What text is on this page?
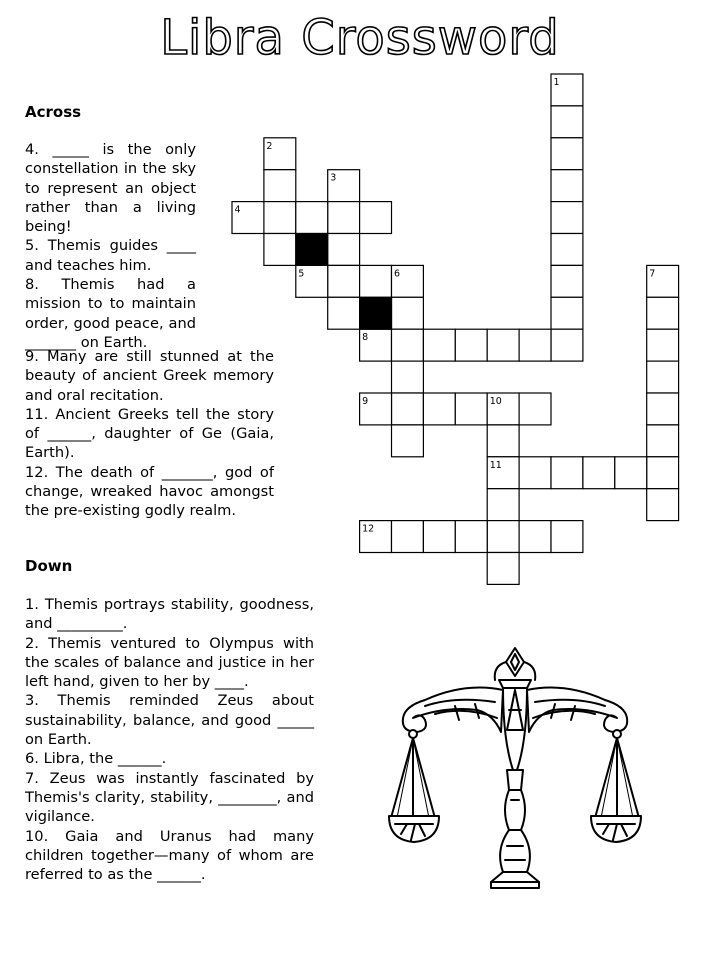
Libra Crossword
Across

4. _____ is the only constellation in the sky to represent an object rather than a living being!

5. Themis guides ____ and teaches him.

8. Themis had a mission to to maintain order, good peace, and _______ on Earth.

9. Many are still stunned at the beauty of ancient Greek memory and oral recitation.

11. Ancient Greeks tell the story of ______, daughter of Ge (Gaia, Earth).

12. The death of _______, god of change, wreaked havoc amongst the pre-existing godly realm.

Down

1. Themis portrays stability, goodness, and _________.

2. Themis ventured to Olympus with the scales of balance and justice in her left hand, given to her by ____.

3. Themis reminded Zeus about sustainability, balance, and good _____ on Earth.

6. Libra, the ______.

7. Zeus was instantly fascinated by Themis's clarity, stability, ________, and vigilance.

10. Gaia and Uranus had many children together—many of whom are referred to as the ______.

1
2
3
4
5	6	7
8
9	10
11
12
